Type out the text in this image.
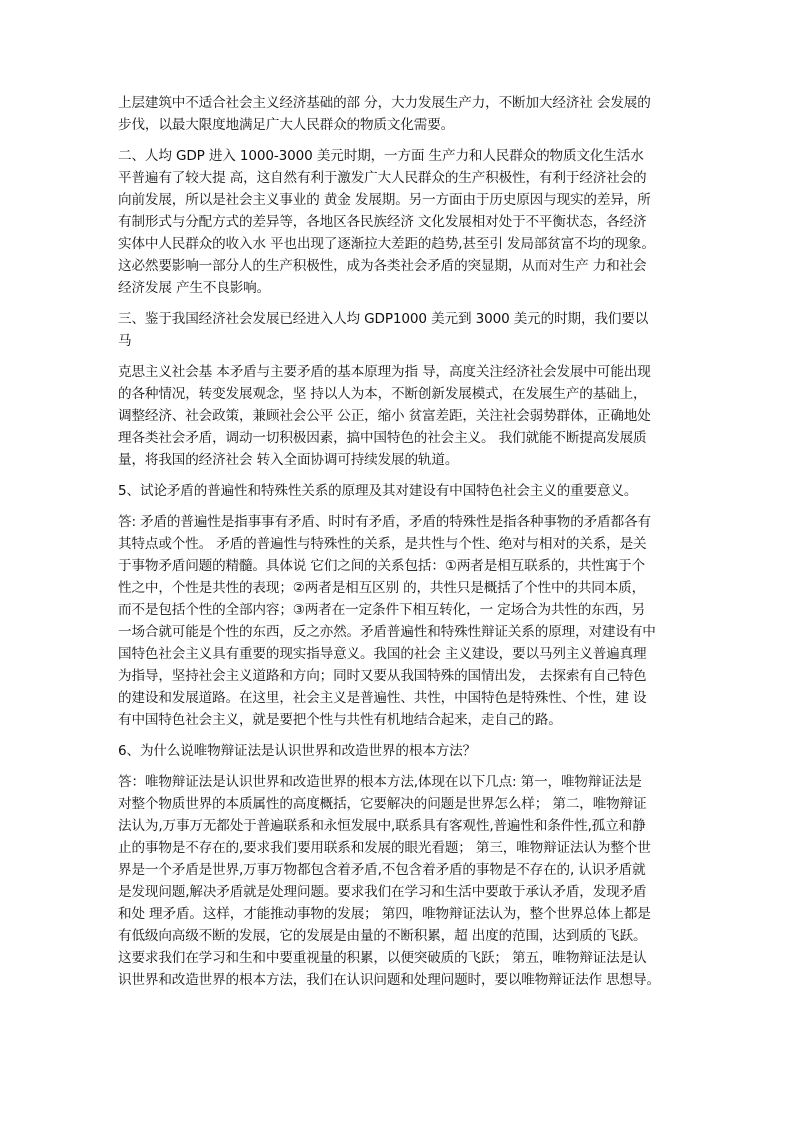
上层建筑中不适合社会主义经济基础的部 分，大力发展生产力，不断加大经济社 会发展的
步伐，以最大限度地满足广大人民群众的物质文化需要。

二、人均 GDP 进入 1000-3000 美元时期，一方面 生产力和人民群众的物质文化生活水
平普遍有了较大提 高，这自然有利于激发广大人民群众的生产积极性，有利于经济社会的
向前发展，所以是社会主义事业的 黄金 发展期。另一方面由于历史原因与现实的差异，所
有制形式与分配方式的差异等，各地区各民族经济 文化发展相对处于不平衡状态，各经济
实体中人民群众的收入水 平也出现了逐渐拉大差距的趋势,甚至引 发局部贫富不均的现象。
这必然要影响一部分人的生产积极性，成为各类社会矛盾的突显期，从而对生产 力和社会
经济发展 产生不良影响。

三、鉴于我国经济社会发展已经进入人均 GDP1000 美元到 3000 美元的时期，我们要以
马

克思主义社会基 本矛盾与主要矛盾的基本原理为指 导，高度关注经济社会发展中可能出现
的各种情况，转变发展观念，坚 持以人为本，不断创新发展模式，在发展生产的基础上，
调整经济、社会政策，兼顾社会公平 公正，缩小 贫富差距，关注社会弱势群体，正确地处
理各类社会矛盾，调动一切积极因素，搞中国特色的社会主义。 我们就能不断提高发展质
量，将我国的经济社会 转入全面协调可持续发展的轨道。

5、试论矛盾的普遍性和特殊性关系的原理及其对建设有中国特色社会主义的重要意义。

答: 矛盾的普遍性是指事事有矛盾、时时有矛盾，矛盾的特殊性是指各种事物的矛盾都各有
其特点或个性。 矛盾的普遍性与特殊性的关系，是共性与个性、绝对与相对的关系，是关
于事物矛盾问题的精髓。具体说 它们之间的关系包括：①两者是相互联系的，共性寓于个
性之中，个性是共性的表现；②两者是相互区别 的，共性只是概括了个性中的共同本质，
而不是包括个性的全部内容；③两者在一定条件下相互转化，一 定场合为共性的东西，另
一场合就可能是个性的东西，反之亦然。矛盾普遍性和特殊性辩证关系的原理，对建设有中
国特色社会主义具有重要的现实指导意义。我国的社会 主义建设，要以马列主义普遍真理
为指导，坚持社会主义道路和方向；同时又要从我国特殊的国情出发， 去探索有自己特色
的建设和发展道路。在这里，社会主义是普遍性、共性，中国特色是特殊性、个性，建 设
有中国特色社会主义，就是要把个性与共性有机地结合起来，走自己的路。

6、为什么说唯物辩证法是认识世界和改造世界的根本方法？

答：唯物辩证法是认识世界和改造世界的根本方法,体现在以下几点: 第一，唯物辩证法是
对整个物质世界的本质属性的高度概括，它要解决的问题是世界怎么样； 第二，唯物辩证
法认为,万事万无都处于普遍联系和永恒发展中,联系具有客观性,普遍性和条件性,孤立和静
止的事物是不存在的,要求我们要用联系和发展的眼光看题； 第三，唯物辩证法认为整个世
界是一个矛盾是世界,万事万物都包含着矛盾,不包含着矛盾的事物是不存在的, 认识矛盾就
是发现问题,解决矛盾就是处理问题。要求我们在学习和生活中要敢于承认矛盾，发现矛盾
和处 理矛盾。这样，才能推动事物的发展； 第四，唯物辩证法认为，整个世界总体上都是
有低级向高级不断的发展，它的发展是由量的不断积累，超 出度的范围，达到质的飞跃。
这要求我们在学习和生和中要重视量的积累，以便突破质的飞跃； 第五，唯物辩证法是认
识世界和改造世界的根本方法，我们在认识问题和处理问题时，要以唯物辩证法作 思想导。
